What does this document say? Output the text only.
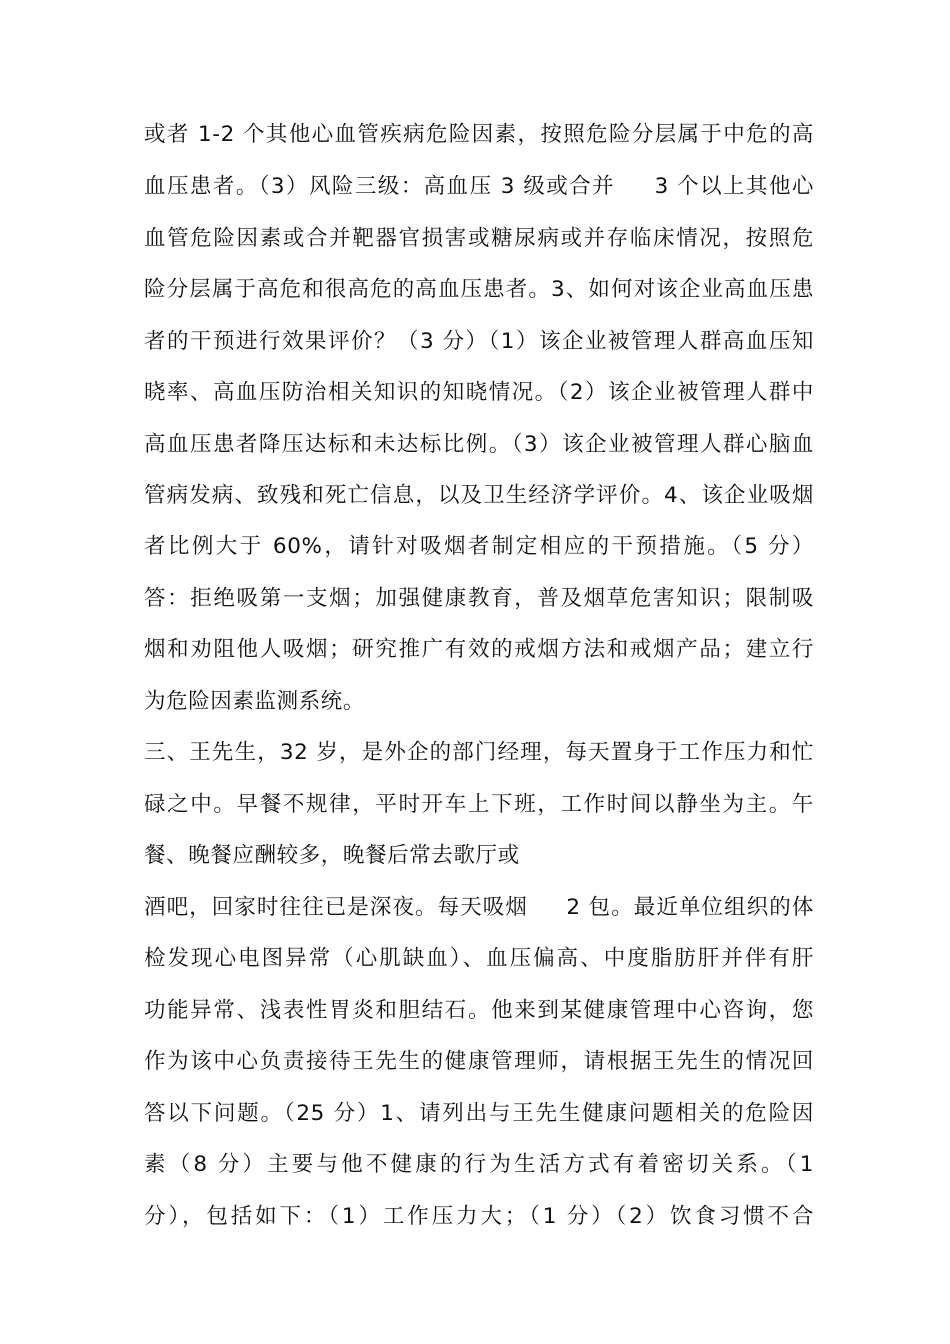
或者 1-2 个其他心血管疾病危险因素，按照危险分层属于中危的高
血压患者。（3）风险三级：高血压 3 级或合并 　 3 个以上其他心
血管危险因素或合并靶器官损害或糖尿病或并存临床情况，按照危
险分层属于高危和很高危的高血压患者。3、如何对该企业高血压患
者的干预进行效果评价？（3 分）（1）该企业被管理人群高血压知
晓率、高血压防治相关知识的知晓情况。（2）该企业被管理人群中
高血压患者降压达标和未达标比例。（3）该企业被管理人群心脑血
管病发病、致残和死亡信息，以及卫生经济学评价。4、该企业吸烟
者比例大于 60%，请针对吸烟者制定相应的干预措施。（5 分）
答：拒绝吸第一支烟；加强健康教育，普及烟草危害知识；限制吸
烟和劝阻他人吸烟；研究推广有效的戒烟方法和戒烟产品；建立行
为危险因素监测系统。
三、王先生，32 岁，是外企的部门经理，每天置身于工作压力和忙
碌之中。早餐不规律，平时开车上下班，工作时间以静坐为主。午
餐、晚餐应酬较多，晚餐后常去歌厅或
酒吧，回家时往往已是深夜。每天吸烟 　 2 包。最近单位组织的体
检发现心电图异常（心肌缺血）、血压偏高、中度脂肪肝并伴有肝
功能异常、浅表性胃炎和胆结石。他来到某健康管理中心咨询，您
作为该中心负责接待王先生的健康管理师，请根据王先生的情况回
答以下问题。（25 分）1、请列出与王先生健康问题相关的危险因
素（8 分）主要与他不健康的行为生活方式有着密切关系。（1
分），包括如下：（1）工作压力大；（1 分）（2）饮食习惯不合
